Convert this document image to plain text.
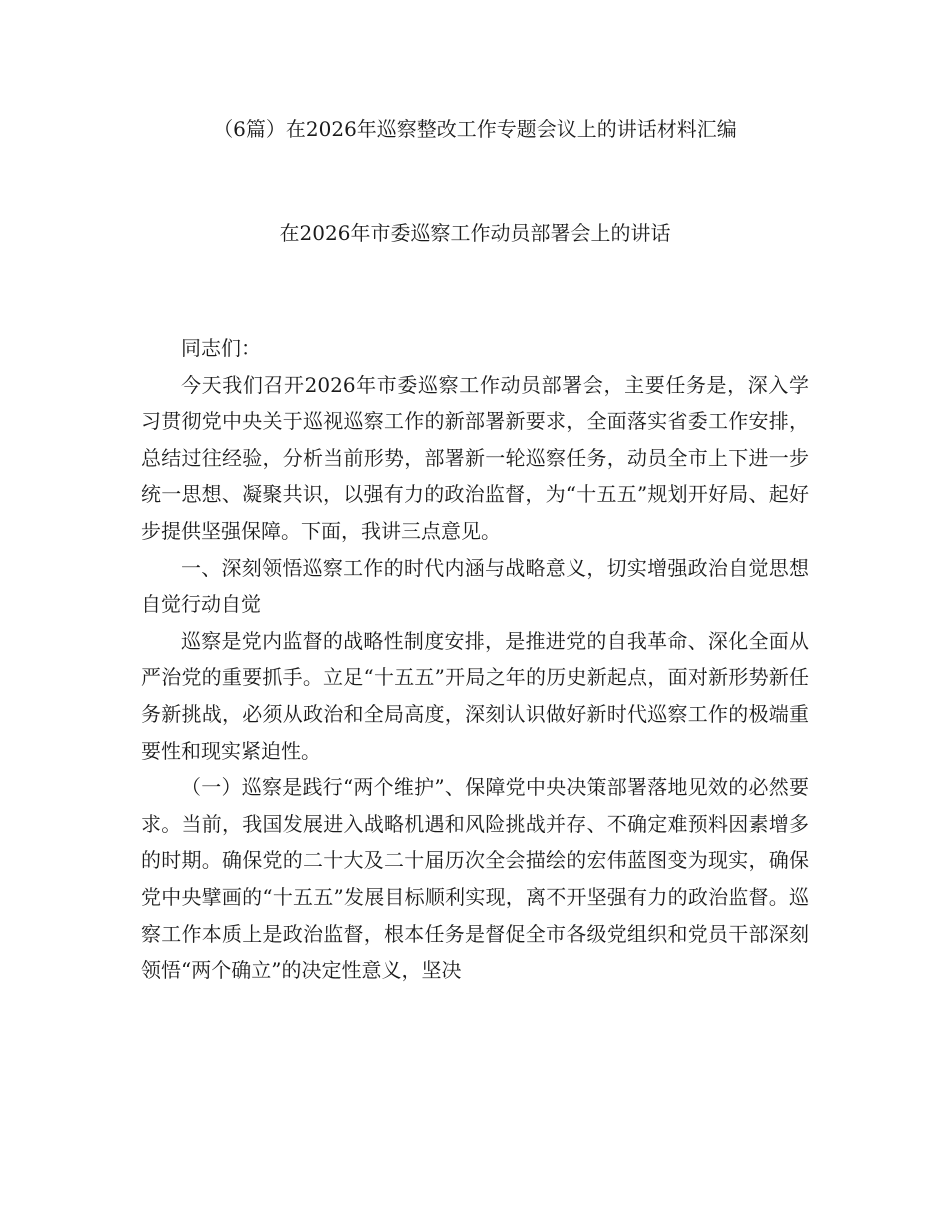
（6篇）在2026年巡察整改工作专题会议上的讲话材料汇编
在2026年市委巡察工作动员部署会上的讲话

同志们：

今天我们召开2026年市委巡察工作动员部署会，主要任务是，深入学习贯彻党中央关于巡视巡察工作的新部署新要求，全面落实省委工作安排，总结过往经验，分析当前形势，部署新一轮巡察任务，动员全市上下进一步统一思想、凝聚共识，以强有力的政治监督，为“十五五”规划开好局、起好步提供坚强保障。下面，我讲三点意见。

一、深刻领悟巡察工作的时代内涵与战略意义，切实增强政治自觉思想自觉行动自觉

巡察是党内监督的战略性制度安排，是推进党的自我革命、深化全面从严治党的重要抓手。立足“十五五”开局之年的历史新起点，面对新形势新任务新挑战，必须从政治和全局高度，深刻认识做好新时代巡察工作的极端重要性和现实紧迫性。

（一）巡察是践行“两个维护”、保障党中央决策部署落地见效的必然要求。当前，我国发展进入战略机遇和风险挑战并存、不确定难预料因素增多的时期。确保党的二十大及二十届历次全会描绘的宏伟蓝图变为现实，确保党中央擘画的“十五五”发展目标顺利实现，离不开坚强有力的政治监督。巡察工作本质上是政治监督，根本任务是督促全市各级党组织和党员干部深刻领悟“两个确立”的决定性意义，坚决
